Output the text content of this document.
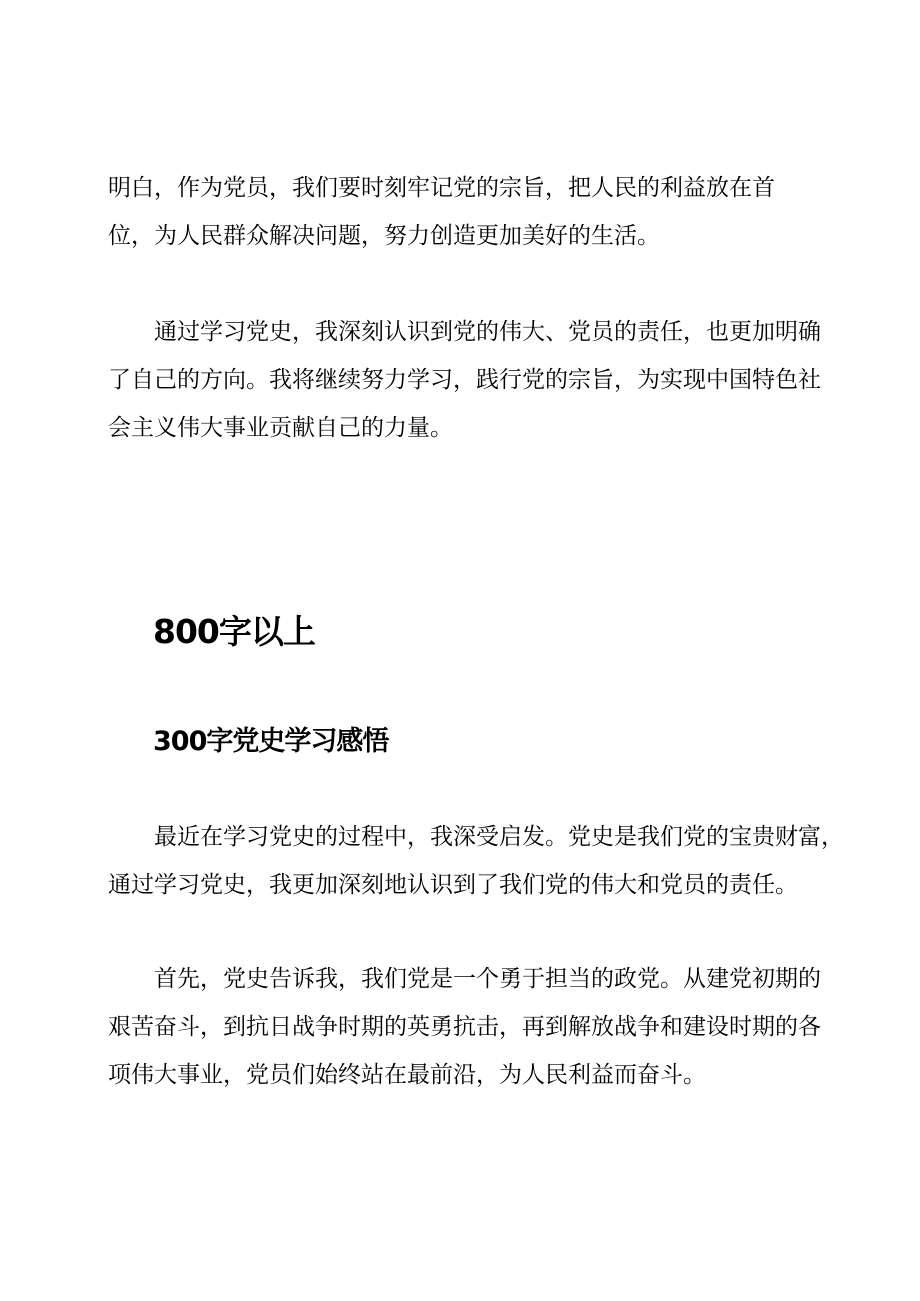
明白，作为党员，我们要时刻牢记党的宗旨，把人民的利益放在首
位，为人民群众解决问题，努力创造更加美好的生活。

通过学习党史，我深刻认识到党的伟大、党员的责任，也更加明确
了自己的方向。我将继续努力学习，践行党的宗旨，为实现中国特色社
会主义伟大事业贡献自己的力量。

800字以上
300字党史学习感悟

最近在学习党史的过程中，我深受启发。党史是我们党的宝贵财富，
通过学习党史，我更加深刻地认识到了我们党的伟大和党员的责任。

首先，党史告诉我，我们党是一个勇于担当的政党。从建党初期的
艰苦奋斗，到抗日战争时期的英勇抗击，再到解放战争和建设时期的各
项伟大事业，党员们始终站在最前沿，为人民利益而奋斗。
